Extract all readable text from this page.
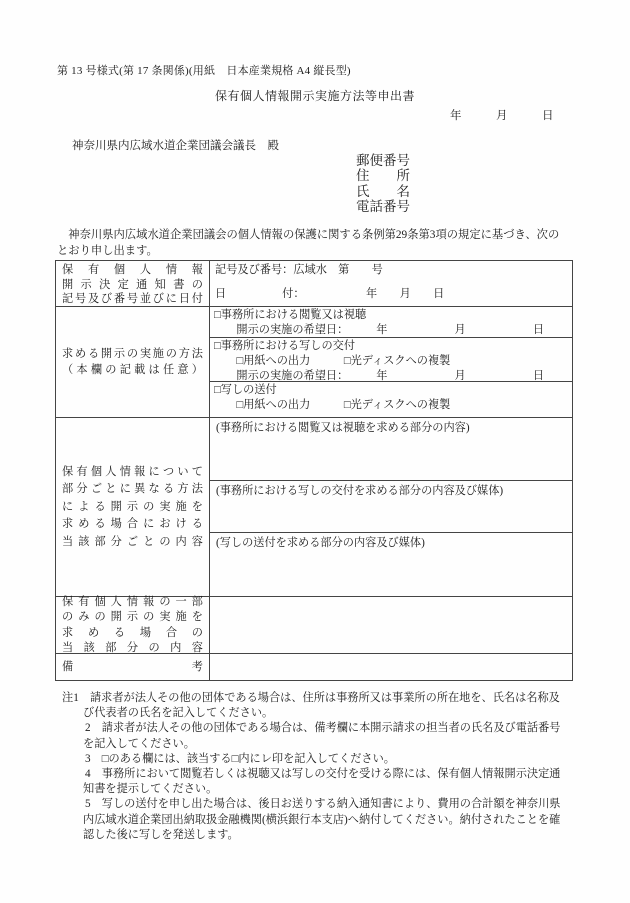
第 13 号様式(第 17 条関係)(用紙　日本産業規格 A4 縦長型)
保有個人情報開示実施方法等申出書
年　　　月　　　日
神奈川県内広域水道企業団議会議長　殿
郵便番号
住 所
氏 名
電話番号
　神奈川県内広域水道企業団議会の個人情報の保護に関する条例第29条第3項の規定に基づき、次のとおり申し出ます。
保 有 個 人 情 報
開 示 決 定 通 知 書 の
記 号 及 び 番 号 並 び に 日 付
記号及び番号：広域水　第　　号
日　　　　　付：　　　　　　年　　月　　日
求 め る 開 示 の 実 施 の 方 法
（ 本 欄 の 記 載 は 任 意 ）
□事務所における閲覧又は視聴
　　開示の実施の希望日：　　　年　　　　　　月　　　　　　日
□事務所における写しの交付
　　□用紙への出力　　　□光ディスクへの複製
　　開示の実施の希望日：　　　年　　　　　　月　　　　　　日
□写しの送付
　　□用紙への出力　　　□光ディスクへの複製
保 有 個 人 情 報 に つ い て
部 分 ご と に 異 な る 方 法
に よ る 開 示 の 実 施 を
求 め る 場 合 に お け る
当 該 部 分 ご と の 内 容
(事務所における閲覧又は視聴を求める部分の内容)
(事務所における写しの交付を求める部分の内容及び媒体)
(写しの送付を求める部分の内容及び媒体)
保 有 個 人 情 報 の 一 部
の み の 開 示 の 実 施 を
求 め る 場 合 の
当 該 部 分 の 内 容
備	考
注1　請求者が法人その他の団体である場合は、住所は事務所又は事業所の所在地を、氏名は名称及び代表者の氏名を記入してください。
2　請求者が法人その他の団体である場合は、備考欄に本開示請求の担当者の氏名及び電話番号を記入してください。
3　□のある欄には、該当する□内にレ印を記入してください。
4　事務所において閲覧若しくは視聴又は写しの交付を受ける際には、保有個人情報開示決定通知書を提示してください。
5　写しの送付を申し出た場合は、後日お送りする納入通知書により、費用の合計額を神奈川県内広域水道企業団出納取扱金融機関(横浜銀行本支店)へ納付してください。納付されたことを確認した後に写しを発送します。
